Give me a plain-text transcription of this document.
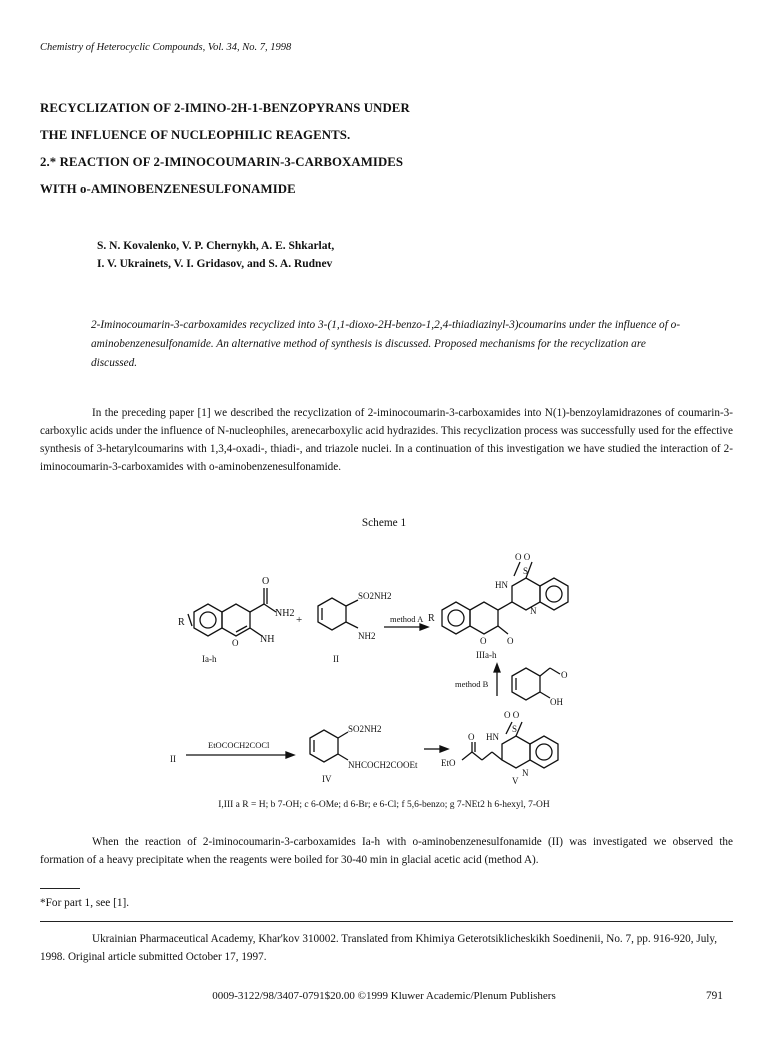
Chemistry of Heterocyclic Compounds, Vol. 34, No. 7, 1998
RECYCLIZATION OF 2-IMINO-2H-1-BENZOPYRANS UNDER
THE INFLUENCE OF NUCLEOPHILIC REAGENTS.
2.* REACTION OF 2-IMINOCOUMARIN-3-CARBOXAMIDES
WITH o-AMINOBENZENESULFONAMIDE
S. N. Kovalenko, V. P. Chernykh, A. E. Shkarlat,
I. V. Ukrainets, V. I. Gridasov, and S. A. Rudnev
2-Iminocoumarin-3-carboxamides recyclized into 3-(1,1-dioxo-2H-benzo-1,2,4-thiadiazinyl-3)coumarins under the influence of o-aminobenzenesulfonamide. An alternative method of synthesis is discussed. Proposed mechanisms for the recyclization are discussed.

In the preceding paper [1] we described the recyclization of 2-iminocoumarin-3-carboxamides into N(1)-benzoylamidrazones of coumarin-3-carboxylic acids under the influence of N-nucleophiles, arenecarboxylic acid hydrazides. This recyclization process was successfully used for the effective synthesis of 3-hetarylcoumarins with 1,3,4-oxadi-, thiadi-, and triazole nuclei. In a continuation of this investigation we have studied the interaction of 2-iminocoumarin-3-carboxamides with o-aminobenzenesulfonamide.

Scheme 1
O
NH2
NH
O
R
Ia-h
+
SO2NH2
NH2
II
method A
O O
S
HN
N
O O
R
IIIa-h
method B
O
OH
II
EtOCOCH2COCl
SO2NH2
NHCOCH2COOEt
IV
O O
S
O HN
N
EtO
V
I,III a R = H; b 7-OH; c 6-OMe; d 6-Br; e 6-Cl; f 5,6-benzo; g 7-NEt2 h 6-hexyl, 7-OH

When the reaction of 2-iminocoumarin-3-carboxamides Ia-h with o-aminobenzenesulfonamide (II) was investigated we observed the formation of a heavy precipitate when the reagents were boiled for 30-40 min in glacial acetic acid (method A).

*For part 1, see [1].

Ukrainian Pharmaceutical Academy, Khar'kov 310002. Translated from Khimiya Geterotsiklicheskikh Soedinenii, No. 7, pp. 916-920, July, 1998. Original article submitted October 17, 1997.

0009-3122/98/3407-0791$20.00 ©1999 Kluwer Academic/Plenum Publishers	791
